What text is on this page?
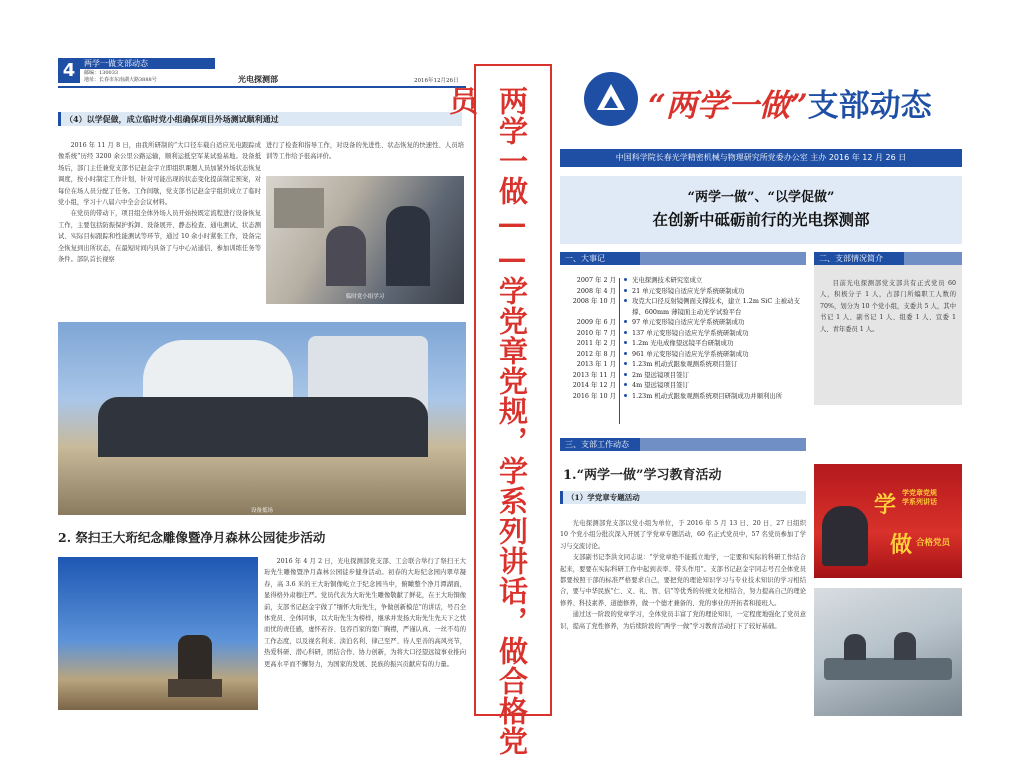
4	两学一做支部动态
邮编：130033
地址：长春市东南湖大路3888号	光电探测部	2016年12月26日
（4）以学促做，成立临时党小组确保项目外场测试顺利通过
2016 年 11 月 8 日，由我所研制的“大口径车载自适应光电跟踪成像系统”历经 3200 余公里公路运输，顺利运抵空军某试验基地。设备抵场后，部门主任兼党支部书记赵金宇立即组织课题人员加紧外场状态恢复调度，按小时制定工作计划，针对可能出现的状态变化提前制定预案，对每位在场人员分配了任务。工作间歇，党支部书记赵金宇组织成立了临时党小组，学习十八届六中全会会议材料。
在党员的带动下，项目组全体外场人员开始按既定流程进行设备恢复工作，主要包括防振保护拆卸、设备展开、静态检查、通电测试、状态测试、实际目标跟踪和性能测试等环节，通过 10 余小时紧张工作，设备完全恢复到出所状态，在最短时间内具备了与中心站通信、参加训练任务等条件。部队首长视察
进行了检查和指导工作，对设备的先进性、状态恢复的快速性、人员培训等工作给予很高评价。
临时党小组学习
设备抵场
2. 祭扫王大珩纪念雕像暨净月森林公园徒步活动
2016 年 4 月 2 日，光电探测部党支部、工会联合举行了祭扫王大珩先生雕像暨净月森林公园徒步健身活动。初春的大珩纪念园内翠草凝春，高 3.6 米的王大珩铜像屹立于纪念园当中，俯瞰整个净月潭湖面，显得格外肃穆庄严。党员代表为大珩先生雕像敬献了鲜花，在王大珩铜像前，支部书记赵金宇做了“缅怀大珩先生，争做创新模范”的讲话，号召全体党员、全体同事，以大珩先生为榜样，继承并发扬大珩先生先天下之忧而忧的责任感，虚怀若谷、包容百家的宽广胸襟，严谨认真、一丝不苟的工作态度，以及视名利来、淡泊名利、律己至严、待人至善的高风亮节，热爱科研、潜心科研，团结合作、协力创新，为将大口径望远镜事业推向更高水平而不懈努力，为国家的发展、民族的振兴贡献应有的力量。	两学一做——学党章党规，学系列讲话，做合格党员	“两学一做”支部动态
中国科学院长春光学精密机械与物理研究所党委办公室 主办 2016 年 12 月 26 日
“两学一做”、“以学促做”
在创新中砥砺前行的光电探测部
一、大事记	二、支部情况简介
2007 年 2 月	光电探测技术研究室成立
2008 年 4 月	21 单元变形镜自适应光学系统研制成功
2008 年 10 月	攻克大口径反射镜侧面支撑技术，建立 1.2m SiC 主被动支撑、600mm 薄镜面主动光学试验平台
2009 年 6 月	97 单元变形镜自适应光学系统研制成功
2010 年 7 月	137 单元变形镜自适应光学系统研制成功
2011 年 2 月	1.2m 光电成像望远镜平台研制成功
2012 年 8 月	961 单元变形镜自适应光学系统研制成功
2013 年 1 月	1.23m 机动式跟象观测系统项目签订
2013 年 11 月	2m 望远镜项目签订
2014 年 12 月	4m 望远镜项目签订
2016 年 10 月	1.23m 机动式跟象观测系统项目研制成功并顺利出所
目前光电探测部党支部共有正式党员 60 人，积极分子 1 人，占部门所编职工人数的 70%，划分为 10 个党小组，支委共 5 人，其中书记 1 人、副书记 1 人、组委 1 人、宣委 1 人、青年委员 1 人。
三、支部工作动态
1.“两学一做”学习教育活动
（1）学党章专题活动
光电探测部党支部以党小组为单位，于 2016 年 5 月 13 日、20 日、27 日组织 10 个党小组分批次深入开展了学党章专题活动，60 名正式党员中，57 名党员参加了学习与交流讨论。
支部副书记李洪文同志说：“学党章绝不能孤立地学，一定要和实际的科研工作结合起来，要要在实际科研工作中起到表率、带头作用”。支部书记赵金宇同志号召全体党员都要按照干部的标准严格要求自己，要把党的理论知识学习与专业技术知识的学习相结合，要与中华民族“仁、义、礼、智、信”等优秀的传统文化相结合，努力提高自己的理论修养、科技素养、道德修养，做一个德才兼备的、党的事业的开拓者和接班人。
通过这一阶段的党章学习，全体党员丰富了党的理论知识，一定程度地强化了党员意识，提高了党性修养，为后续阶段的“两学一做”学习教育活动打下了较好基础。
学 学党章党规
学系列讲话
做 合格党员
